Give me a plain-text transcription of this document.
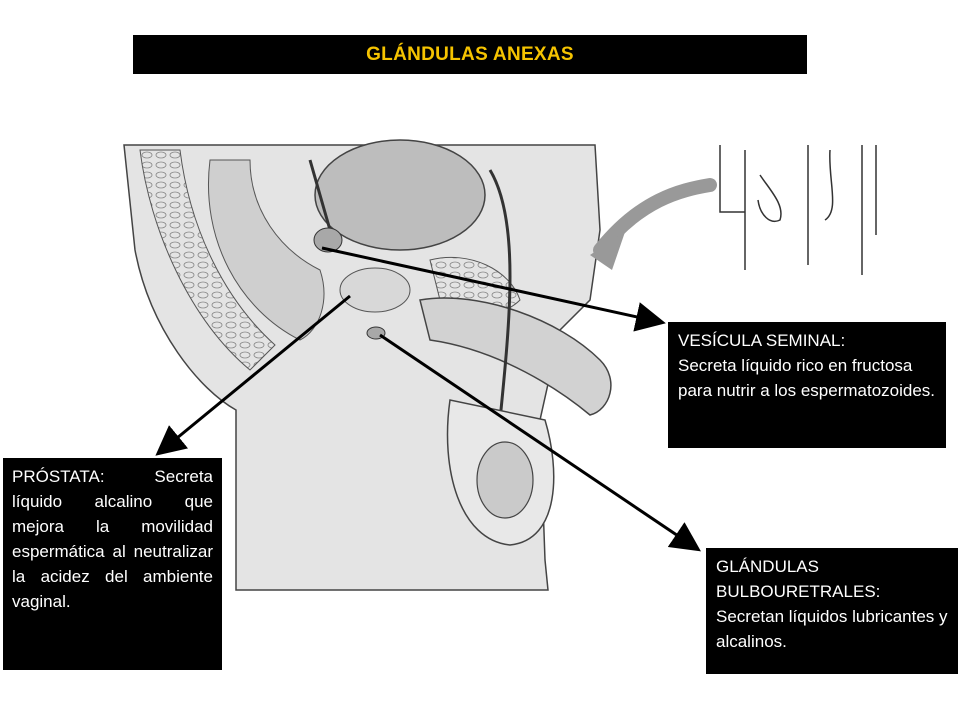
GLÁNDULAS ANEXAS
VESÍCULA SEMINAL:
Secreta líquido rico en fructosa para nutrir a los espermatozoides.
PRÓSTATA:	Secreta líquido alcalino que mejora la movilidad espermática al neutralizar la acidez del ambiente vaginal.
GLÁNDULAS BULBOURETRALES:
Secretan líquidos lubricantes y alcalinos.
